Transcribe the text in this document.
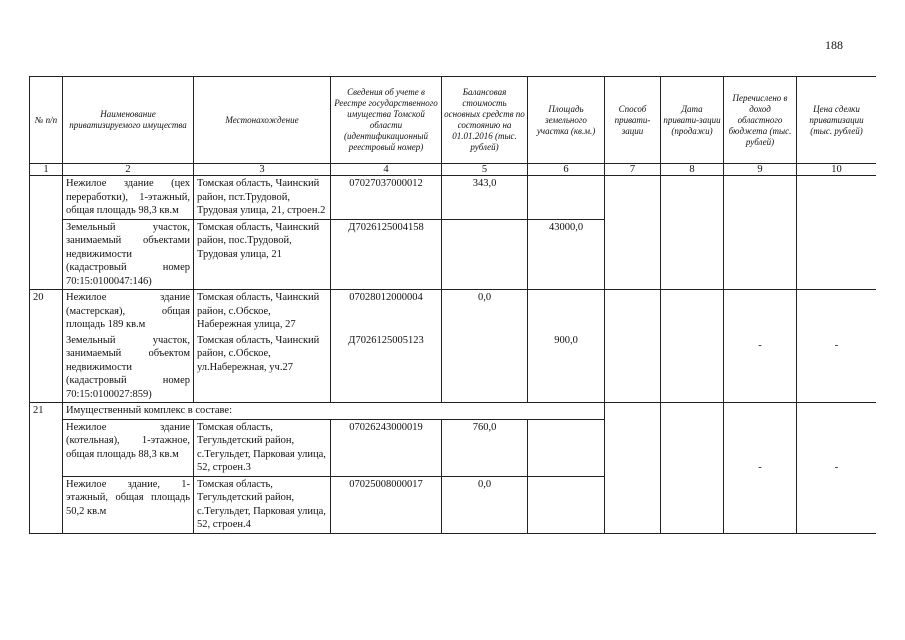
188
№ п/п	Наименование приватизируемого имущества	Местонахождение	Сведения об учете в Реестре государственного имущества Томской области (идентификационный реестровый номер)	Балансовая стоимость основных средств по состоянию на 01.01.2016 (тыс. рублей)	Площадь земельного участка (кв.м.)	Способ привати-зации	Дата привати-зации (продажи)	Перечислено в доход областного бюджета (тыс. рублей)	Цена сделки приватизации (тыс. рублей)
1	2	3	4	5	6	7	8	9	10
	Нежилое здание (цех переработки), 1-этажный, общая площадь 98,3 кв.м	Томская область, Чаинский район, пст.Трудовой, Трудовая улица, 21, строен.2	07027037000012	343,0					
	Земельный участок, занимаемый объектами недвижимости (кадастровый номер 70:15:0100047:146)	Томская область, Чаинский район, пос.Трудовой, Трудовая улица, 21	Д7026125004158		43000,0				
20	Нежилое здание (мастерская), общая площадь 189 кв.м	Томская область, Чаинский район, с.Обское, Набережная улица, 27	07028012000004	0,0				-	-
	Земельный участок, занимаемый объектом недвижимости (кадастровый номер 70:15:0100027:859)	Томская область, Чаинский район, с.Обское, ул.Набережная, уч.27	Д7026125005123		900,0				
21	Имущественный комплекс в составе:							-	-
	Нежилое здание (котельная), 1-этажное, общая площадь 88,3 кв.м	Томская область, Тегульдетский район, с.Тегульдет, Парковая улица, 52, строен.3	07026243000019	760,0					
	Нежилое здание, 1-этажный, общая площадь 50,2 кв.м	Томская область, Тегульдетский район, с.Тегульдет, Парковая улица, 52, строен.4	07025008000017	0,0					
